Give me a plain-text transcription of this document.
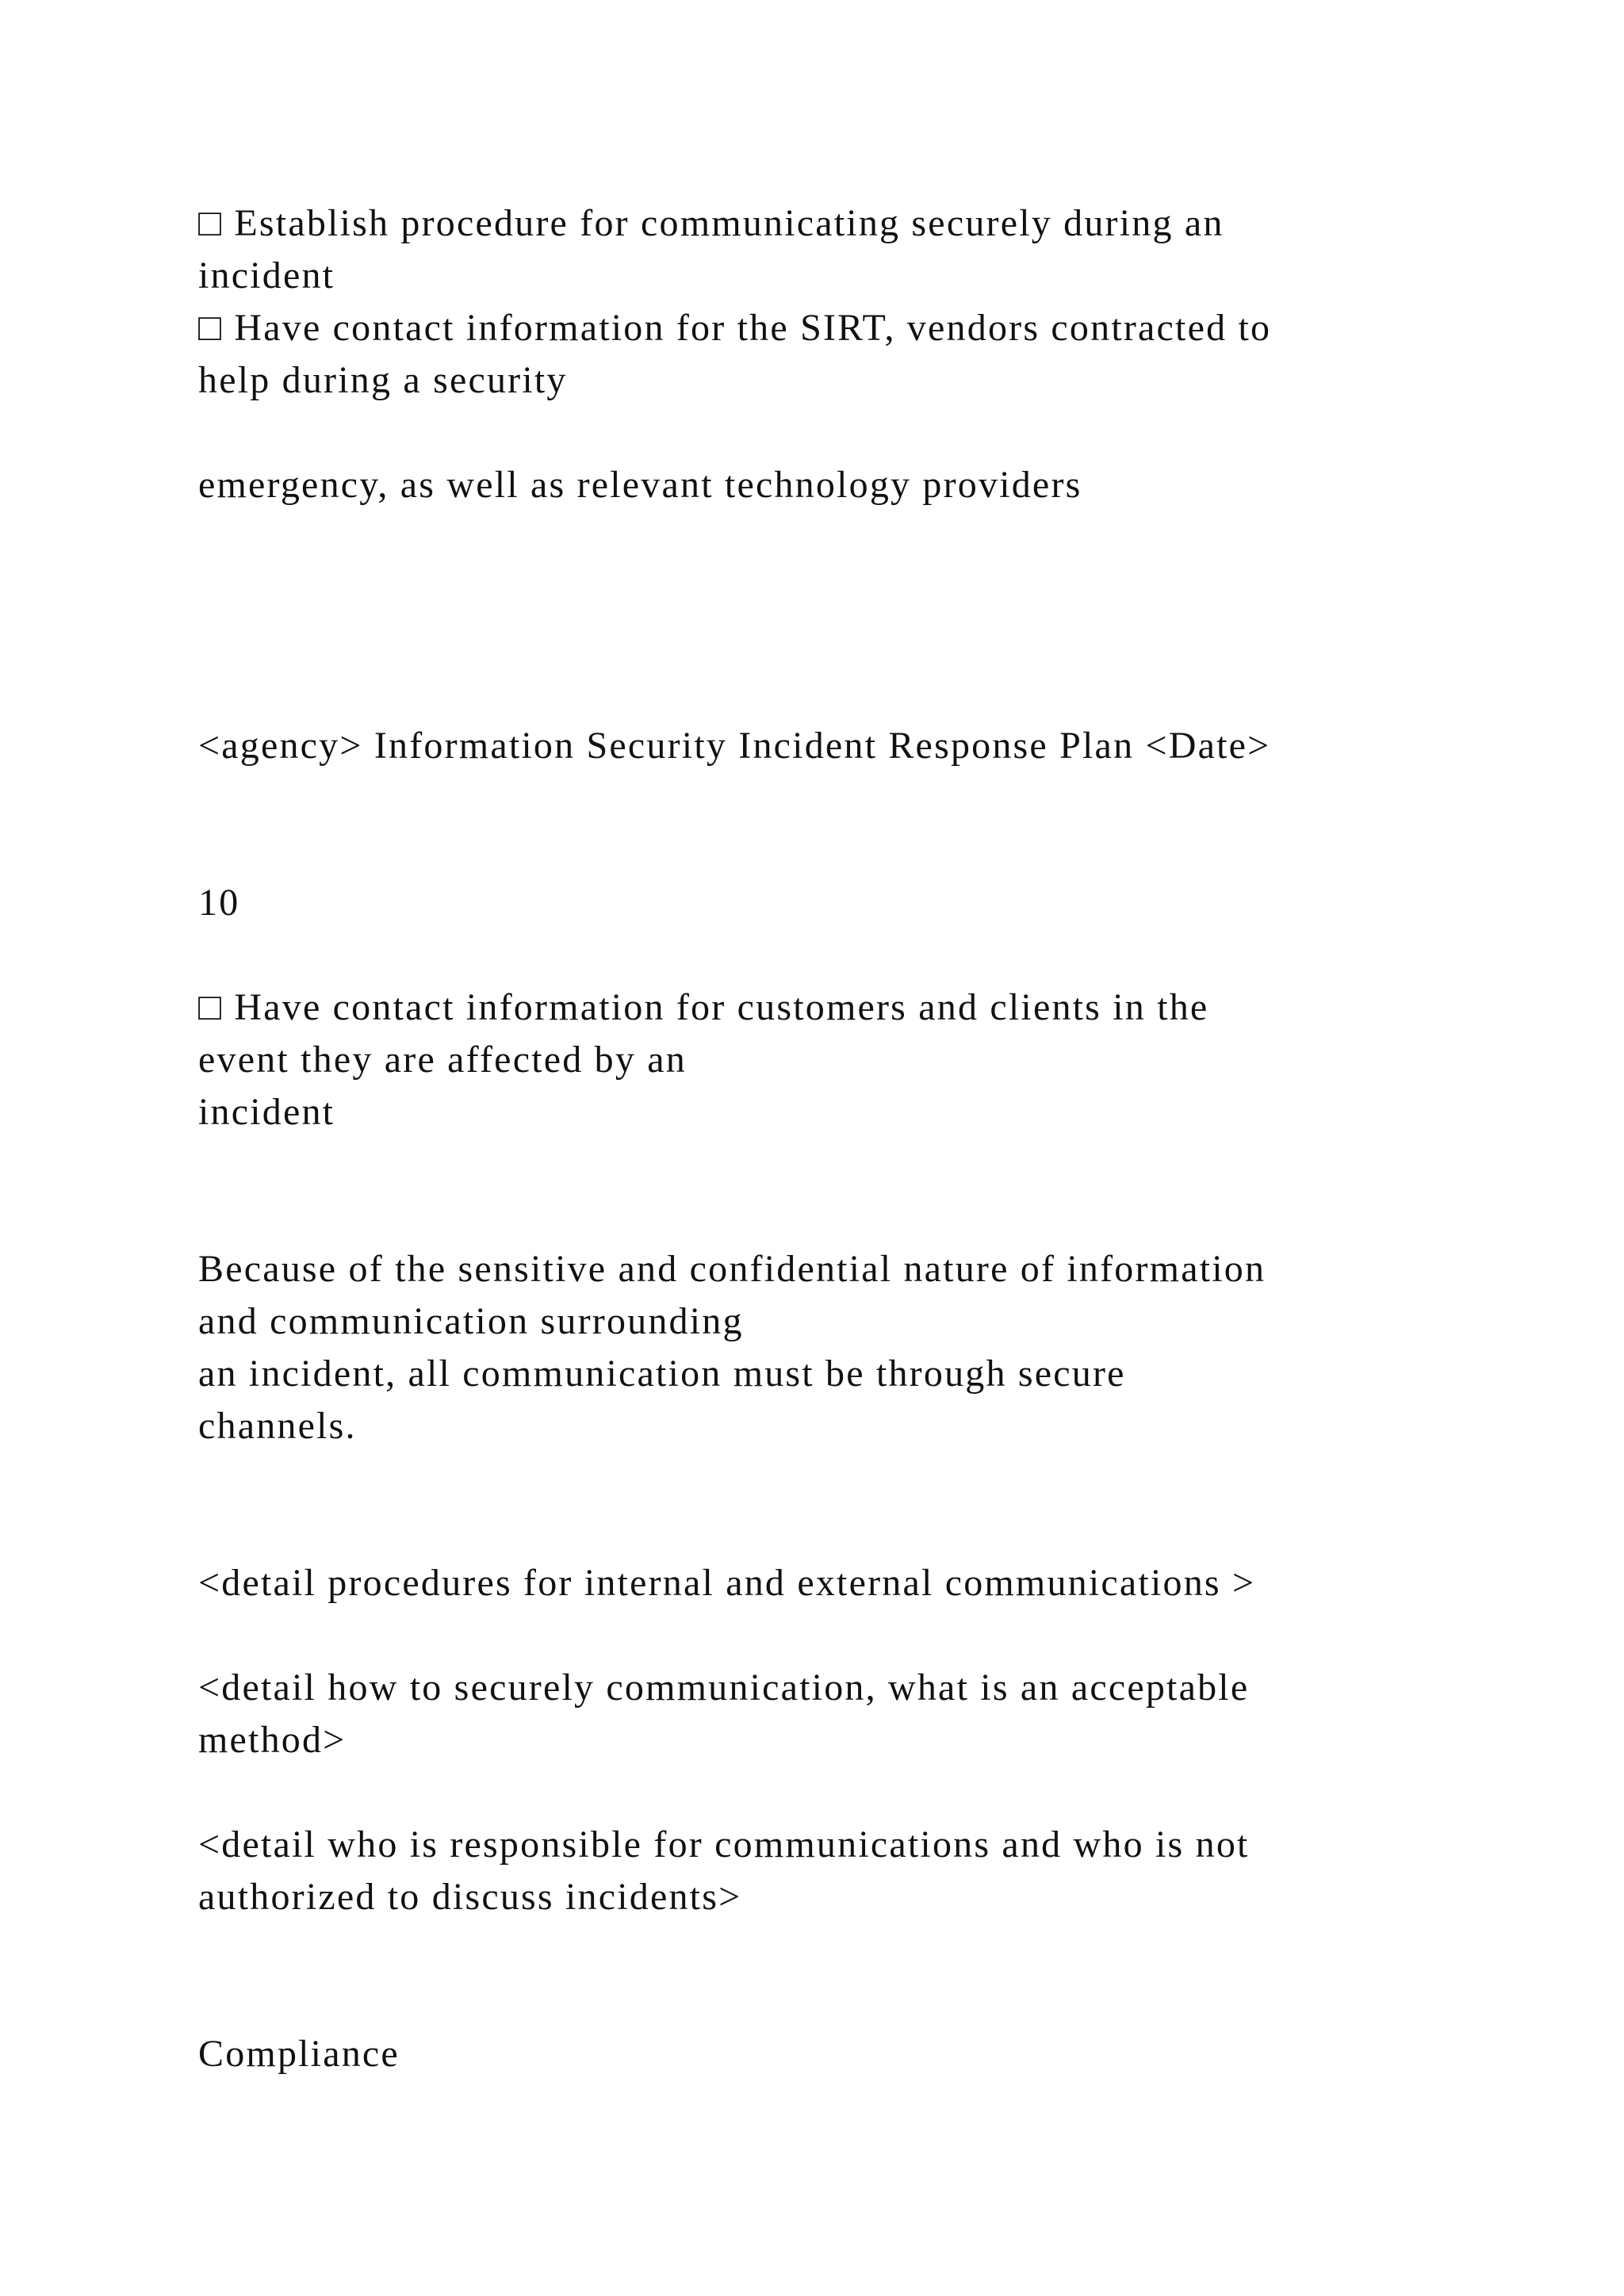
□ Establish procedure for communicating securely during an
incident
□ Have contact information for the SIRT, vendors contracted to
help during a security
emergency, as well as relevant technology providers
<agency> Information Security Incident Response Plan <Date>
10
□ Have contact information for customers and clients in the
event they are affected by an
incident
Because of the sensitive and confidential nature of information
and communication surrounding
an incident, all communication must be through secure
channels.
<detail procedures for internal and external communications >
<detail how to securely communication, what is an acceptable
method>
<detail who is responsible for communications and who is not
authorized to discuss incidents>
Compliance
